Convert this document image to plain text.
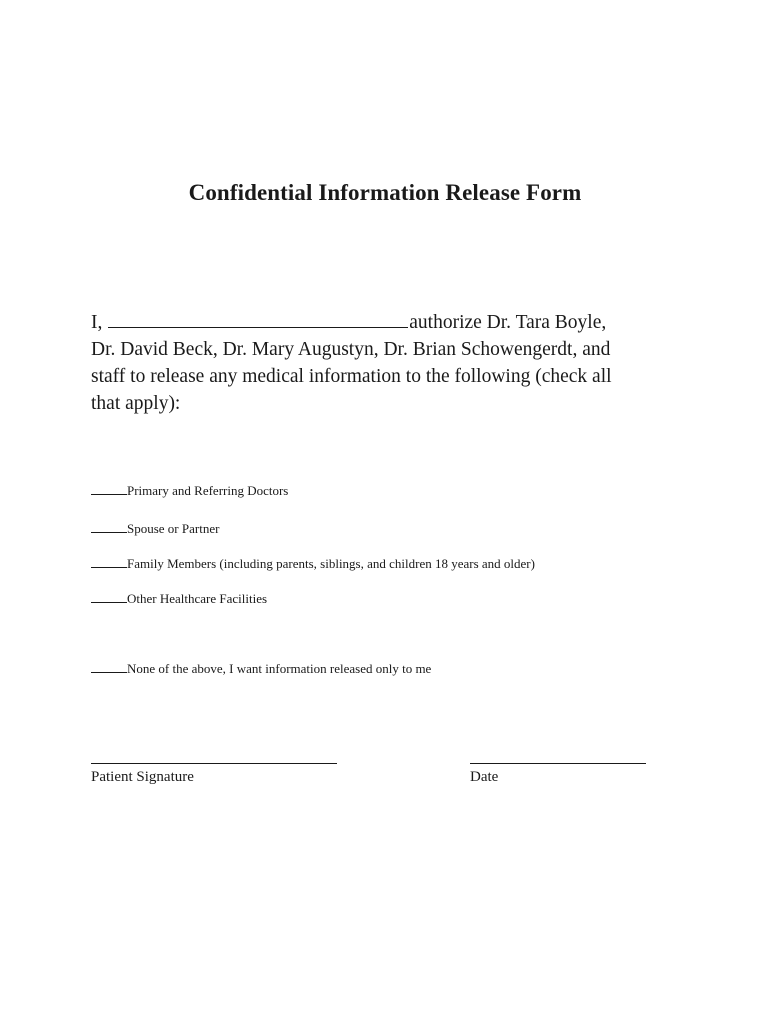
Confidential Information Release Form
I,	authorize Dr. Tara Boyle,
Dr. David Beck, Dr. Mary Augustyn, Dr. Brian Schowengerdt, and
staff to release any medical information to the following (check all
that apply):
Primary and Referring Doctors
Spouse or Partner
Family Members (including parents, siblings, and children 18 years and older)
Other Healthcare Facilities
None of the above, I want information released only to me
Patient Signature	Date
